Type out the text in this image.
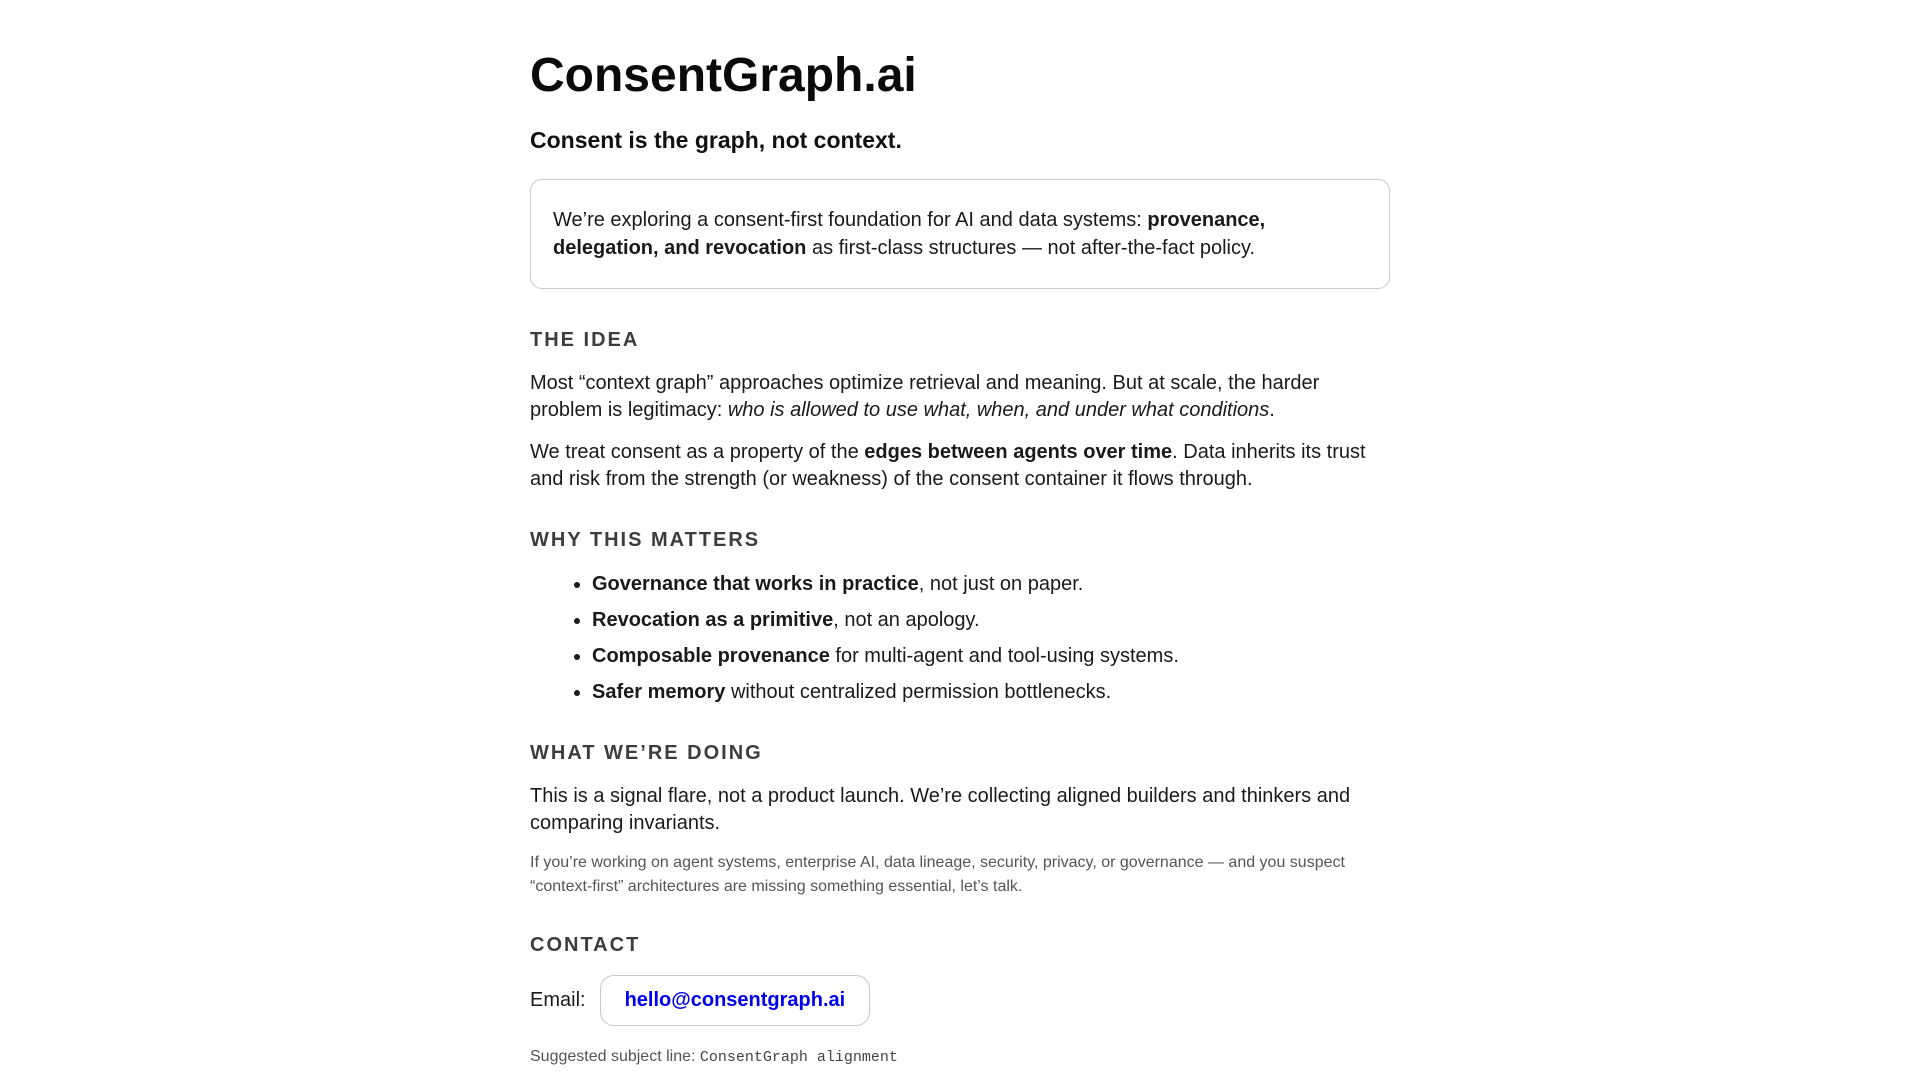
ConsentGraph.ai

Consent is the graph, not context.

We’re exploring a consent-first foundation for AI and data systems: provenance, delegation, and revocation as first-class structures — not after-the-fact policy.

THE IDEA

Most “context graph” approaches optimize retrieval and meaning. But at scale, the harder problem is legitimacy: who is allowed to use what, when, and under what conditions.

We treat consent as a property of the edges between agents over time. Data inherits its trust and risk from the strength (or weakness) of the consent container it flows through.

WHY THIS MATTERS
• Governance that works in practice, not just on paper.
• Revocation as a primitive, not an apology.
• Composable provenance for multi-agent and tool-using systems.
• Safer memory without centralized permission bottlenecks.
WHAT WE’RE DOING

This is a signal flare, not a product launch. We’re collecting aligned builders and thinkers and comparing invariants.

If you’re working on agent systems, enterprise AI, data lineage, security, privacy, or governance — and you suspect “context-first” architectures are missing something essential, let’s talk.

CONTACT
Email:	hello@consentgraph.ai

Suggested subject line: ConsentGraph alignment
